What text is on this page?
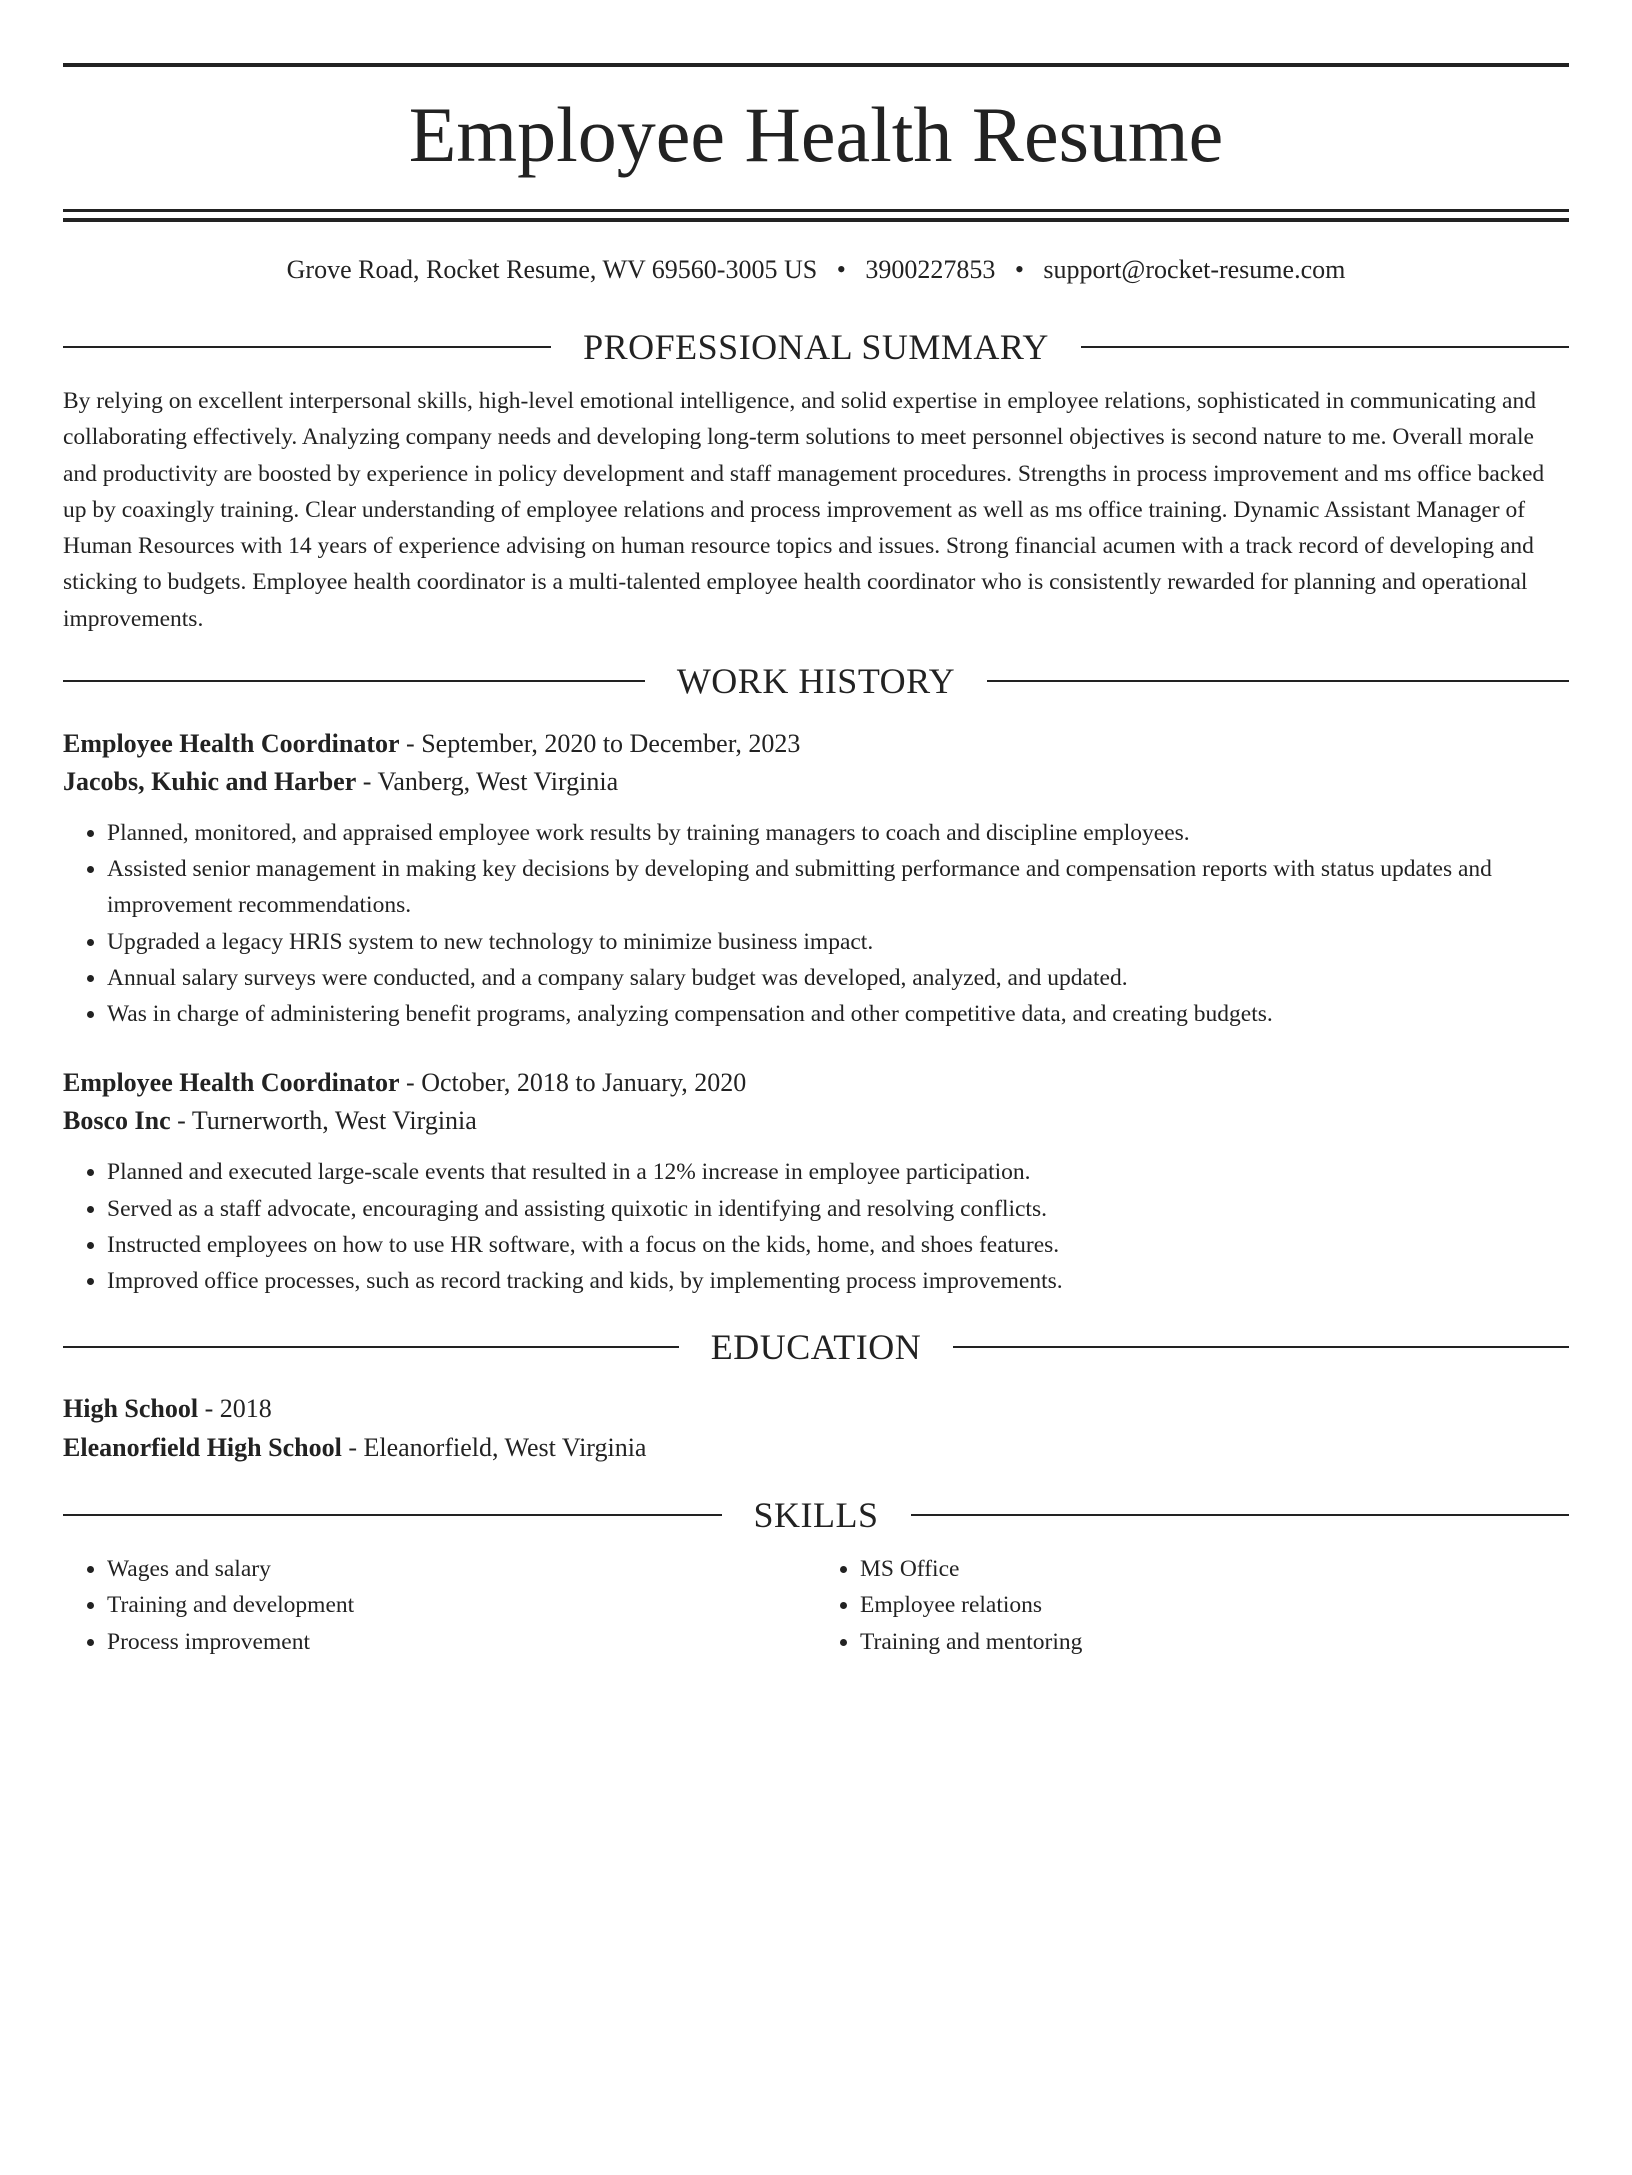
Employee Health Resume
Grove Road, Rocket Resume, WV 69560-3005 US • 3900227853 • support@rocket-resume.com
PROFESSIONAL SUMMARY

By relying on excellent interpersonal skills, high-level emotional intelligence, and solid expertise in employee relations, sophisticated in communicating and collaborating effectively. Analyzing company needs and developing long-term solutions to meet personnel objectives is second nature to me. Overall morale and productivity are boosted by experience in policy development and staff management procedures. Strengths in process improvement and ms office backed up by coaxingly training. Clear understanding of employee relations and process improvement as well as ms office training. Dynamic Assistant Manager of Human Resources with 14 years of experience advising on human resource topics and issues. Strong financial acumen with a track record of developing and sticking to budgets. Employee health coordinator is a multi-talented employee health coordinator who is consistently rewarded for planning and operational improvements.

WORK HISTORY
Employee Health Coordinator - September, 2020 to December, 2023
Jacobs, Kuhic and Harber - Vanberg, West Virginia
• Planned, monitored, and appraised employee work results by training managers to coach and discipline employees.
• Assisted senior management in making key decisions by developing and submitting performance and compensation reports with status updates and improvement recommendations.
• Upgraded a legacy HRIS system to new technology to minimize business impact.
• Annual salary surveys were conducted, and a company salary budget was developed, analyzed, and updated.
• Was in charge of administering benefit programs, analyzing compensation and other competitive data, and creating budgets.
Employee Health Coordinator - October, 2018 to January, 2020
Bosco Inc - Turnerworth, West Virginia
• Planned and executed large-scale events that resulted in a 12% increase in employee participation.
• Served as a staff advocate, encouraging and assisting quixotic in identifying and resolving conflicts.
• Instructed employees on how to use HR software, with a focus on the kids, home, and shoes features.
• Improved office processes, such as record tracking and kids, by implementing process improvements.
EDUCATION
High School - 2018
Eleanorfield High School - Eleanorfield, West Virginia
SKILLS
• Wages and salary
• Training and development
• Process improvement
• MS Office
• Employee relations
• Training and mentoring
